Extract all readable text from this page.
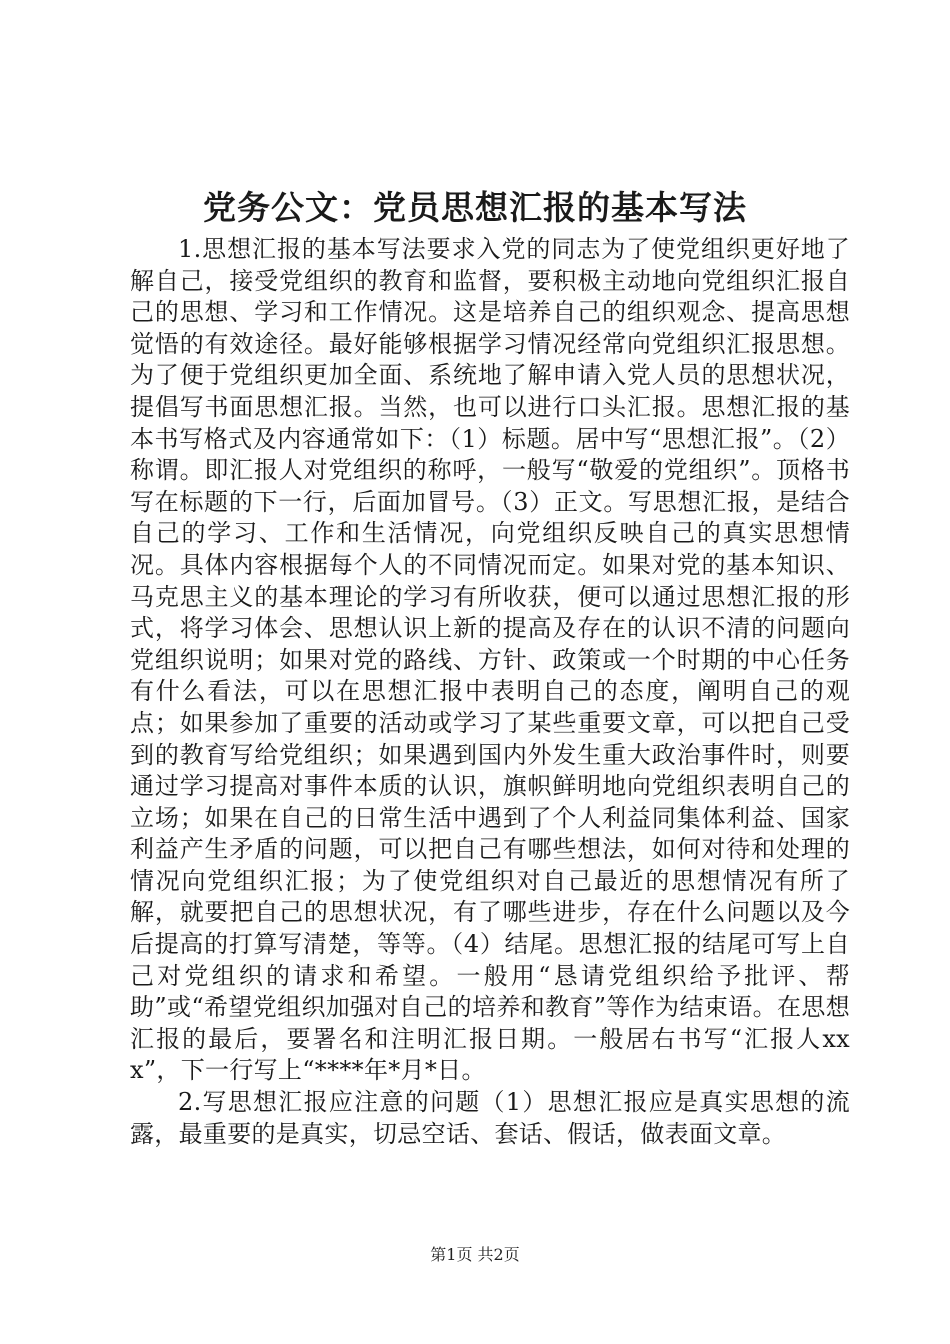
党务公文：党员思想汇报的基本写法

1.思想汇报的基本写法要求入党的同志为了使党组织更好地了解自己，接受党组织的教育和监督，要积极主动地向党组织汇报自己的思想、学习和工作情况。这是培养自己的组织观念、提高思想觉悟的有效途径。最好能够根据学习情况经常向党组织汇报思想。为了便于党组织更加全面、系统地了解申请入党人员的思想状况，提倡写书面思想汇报。当然，也可以进行口头汇报。思想汇报的基本书写格式及内容通常如下：（1）标题。居中写“思想汇报”。（2）称谓。即汇报人对党组织的称呼，一般写“敬爱的党组织”。顶格书写在标题的下一行，后面加冒号。（3）正文。写思想汇报，是结合自己的学习、工作和生活情况，向党组织反映自己的真实思想情况。具体内容根据每个人的不同情况而定。如果对党的基本知识、马克思主义的基本理论的学习有所收获，便可以通过思想汇报的形式，将学习体会、思想认识上新的提高及存在的认识不清的问题向党组织说明；如果对党的路线、方针、政策或一个时期的中心任务有什么看法，可以在思想汇报中表明自己的态度，阐明自己的观点；如果参加了重要的活动或学习了某些重要文章，可以把自己受到的教育写给党组织；如果遇到国内外发生重大政治事件时，则要通过学习提高对事件本质的认识，旗帜鲜明地向党组织表明自己的立场；如果在自己的日常生活中遇到了个人利益同集体利益、国家利益产生矛盾的问题，可以把自己有哪些想法，如何对待和处理的情况向党组织汇报；为了使党组织对自己最近的思想情况有所了解，就要把自己的思想状况，有了哪些进步，存在什么问题以及今后提高的打算写清楚，等等。（4）结尾。思想汇报的结尾可写上自己对党组织的请求和希望。一般用“恳请党组织给予批评、帮助”或“希望党组织加强对自己的培养和教育”等作为结束语。在思想汇报的最后，要署名和注明汇报日期。一般居右书写“汇报人xxx”，下一行写上“****年*月*日。

2.写思想汇报应注意的问题（1）思想汇报应是真实思想的流露，最重要的是真实，切忌空话、套话、假话，做表面文章。

第1页 共2页
